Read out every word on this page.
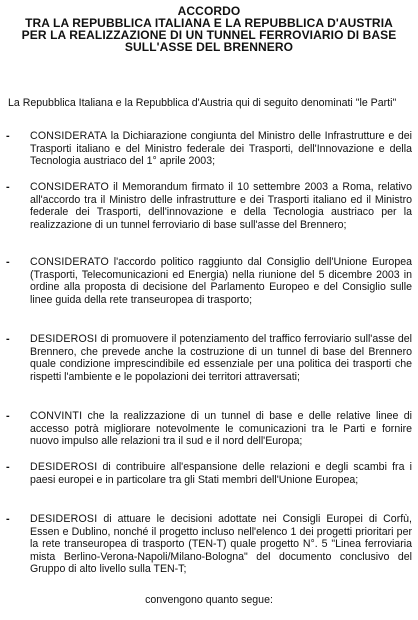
ACCORDO
TRA LA REPUBBLICA ITALIANA E LA REPUBBLICA D'AUSTRIA
PER LA REALIZZAZIONE DI UN TUNNEL FERROVIARIO DI BASE
SULL'ASSE DEL BRENNERO
La Repubblica Italiana e la Repubblica d'Austria qui di seguito denominati "le Parti"
- CONSIDERATA la Dichiarazione congiunta del Ministro delle Infrastrutture e dei Trasporti italiano e del Ministro federale dei Trasporti, dell'Innovazione e della Tecnologia austriaco del 1° aprile 2003;
- CONSIDERATO il Memorandum firmato il 10 settembre 2003 a Roma, relativo all'accordo tra il Ministro delle infrastrutture e dei Trasporti italiano ed il Ministro federale dei Trasporti, dell'innovazione e della Tecnologia austriaco per la realizzazione di un tunnel ferroviario di base sull'asse del Brennero;
- CONSIDERATO l'accordo politico raggiunto dal Consiglio dell'Unione Europea (Trasporti, Telecomunicazioni ed Energia) nella riunione del 5 dicembre 2003 in ordine alla proposta di decisione del Parlamento Europeo e del Consiglio sulle linee guida della rete transeuropea di trasporto;
- DESIDEROSI di promuovere il potenziamento del traffico ferroviario sull'asse del Brennero, che prevede anche la costruzione di un tunnel di base del Brennero quale condizione imprescindibile ed essenziale per una politica dei trasporti che rispetti l'ambiente e le popolazioni dei territori attraversati;
- CONVINTI che la realizzazione di un tunnel di base e delle relative linee di accesso potrà migliorare notevolmente le comunicazioni tra le Parti e fornire nuovo impulso alle relazioni tra il sud e il nord dell'Europa;
- DESIDEROSI di contribuire all'espansione delle relazioni e degli scambi fra i paesi europei e in particolare tra gli Stati membri dell'Unione Europea;
- DESIDEROSI di attuare le decisioni adottate nei Consigli Europei di Corfù, Essen e Dublino, nonché il progetto incluso nell'elenco 1 dei progetti prioritari per la rete transeuropea di trasporto (TEN-T) quale progetto N°. 5 "Linea ferroviaria mista Berlino-Verona-Napoli/Milano-Bologna" del documento conclusivo del Gruppo di alto livello sulla TEN-T;
convengono quanto segue:
